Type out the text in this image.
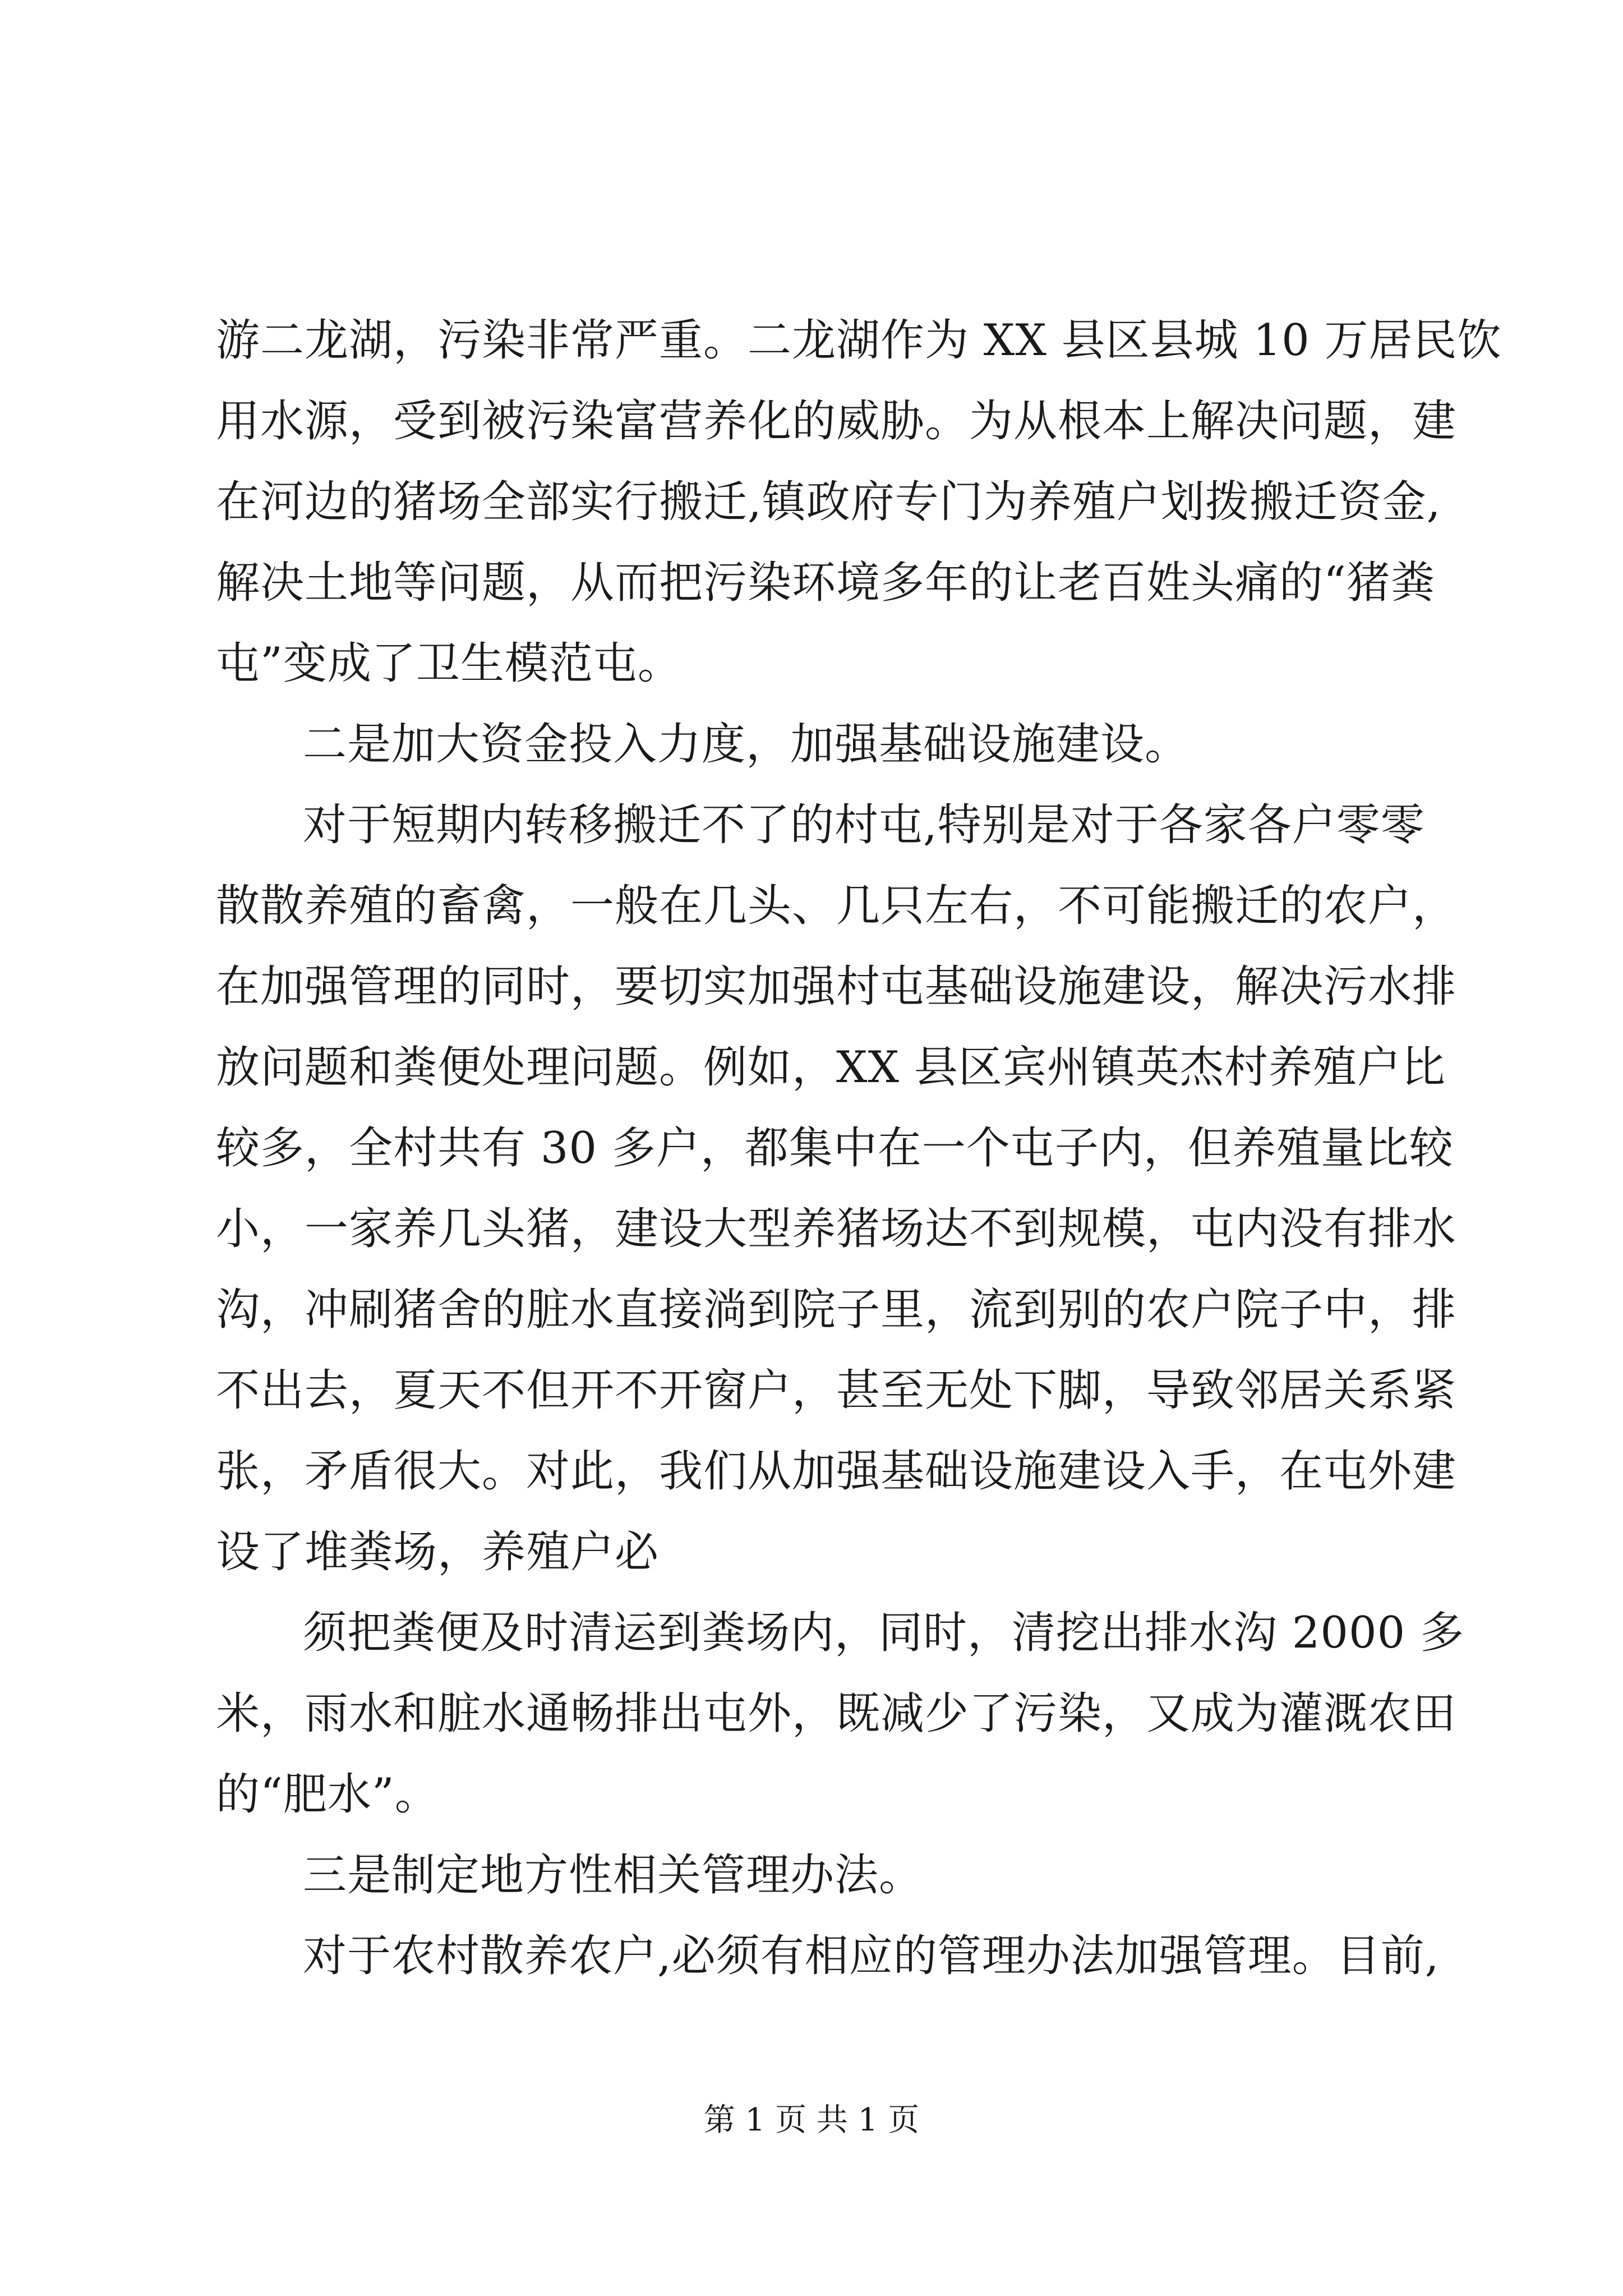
游二龙湖，污染非常严重。二龙湖作为 XX 县区县城 10 万居民饮
用水源，受到被污染富营养化的威胁。为从根本上解决问题，建
在河边的猪场全部实行搬迁,镇政府专门为养殖户划拨搬迁资金,
解决土地等问题，从而把污染环境多年的让老百姓头痛的“猪粪
屯”变成了卫生模范屯。
二是加大资金投入力度，加强基础设施建设。
对于短期内转移搬迁不了的村屯,特别是对于各家各户零零
散散养殖的畜禽，一般在几头、几只左右，不可能搬迁的农户，
在加强管理的同时，要切实加强村屯基础设施建设，解决污水排
放问题和粪便处理问题。例如，XX 县区宾州镇英杰村养殖户比
较多，全村共有 30 多户，都集中在一个屯子内，但养殖量比较
小，一家养几头猪，建设大型养猪场达不到规模，屯内没有排水
沟，冲刷猪舍的脏水直接淌到院子里，流到别的农户院子中，排
不出去，夏天不但开不开窗户，甚至无处下脚，导致邻居关系紧
张，矛盾很大。对此，我们从加强基础设施建设入手，在屯外建
设了堆粪场，养殖户必
须把粪便及时清运到粪场内，同时，清挖出排水沟 2000 多
米，雨水和脏水通畅排出屯外，既减少了污染，又成为灌溉农田
的“肥水”。
三是制定地方性相关管理办法。
对于农村散养农户,必须有相应的管理办法加强管理。目前,
第 1 页 共 1 页
